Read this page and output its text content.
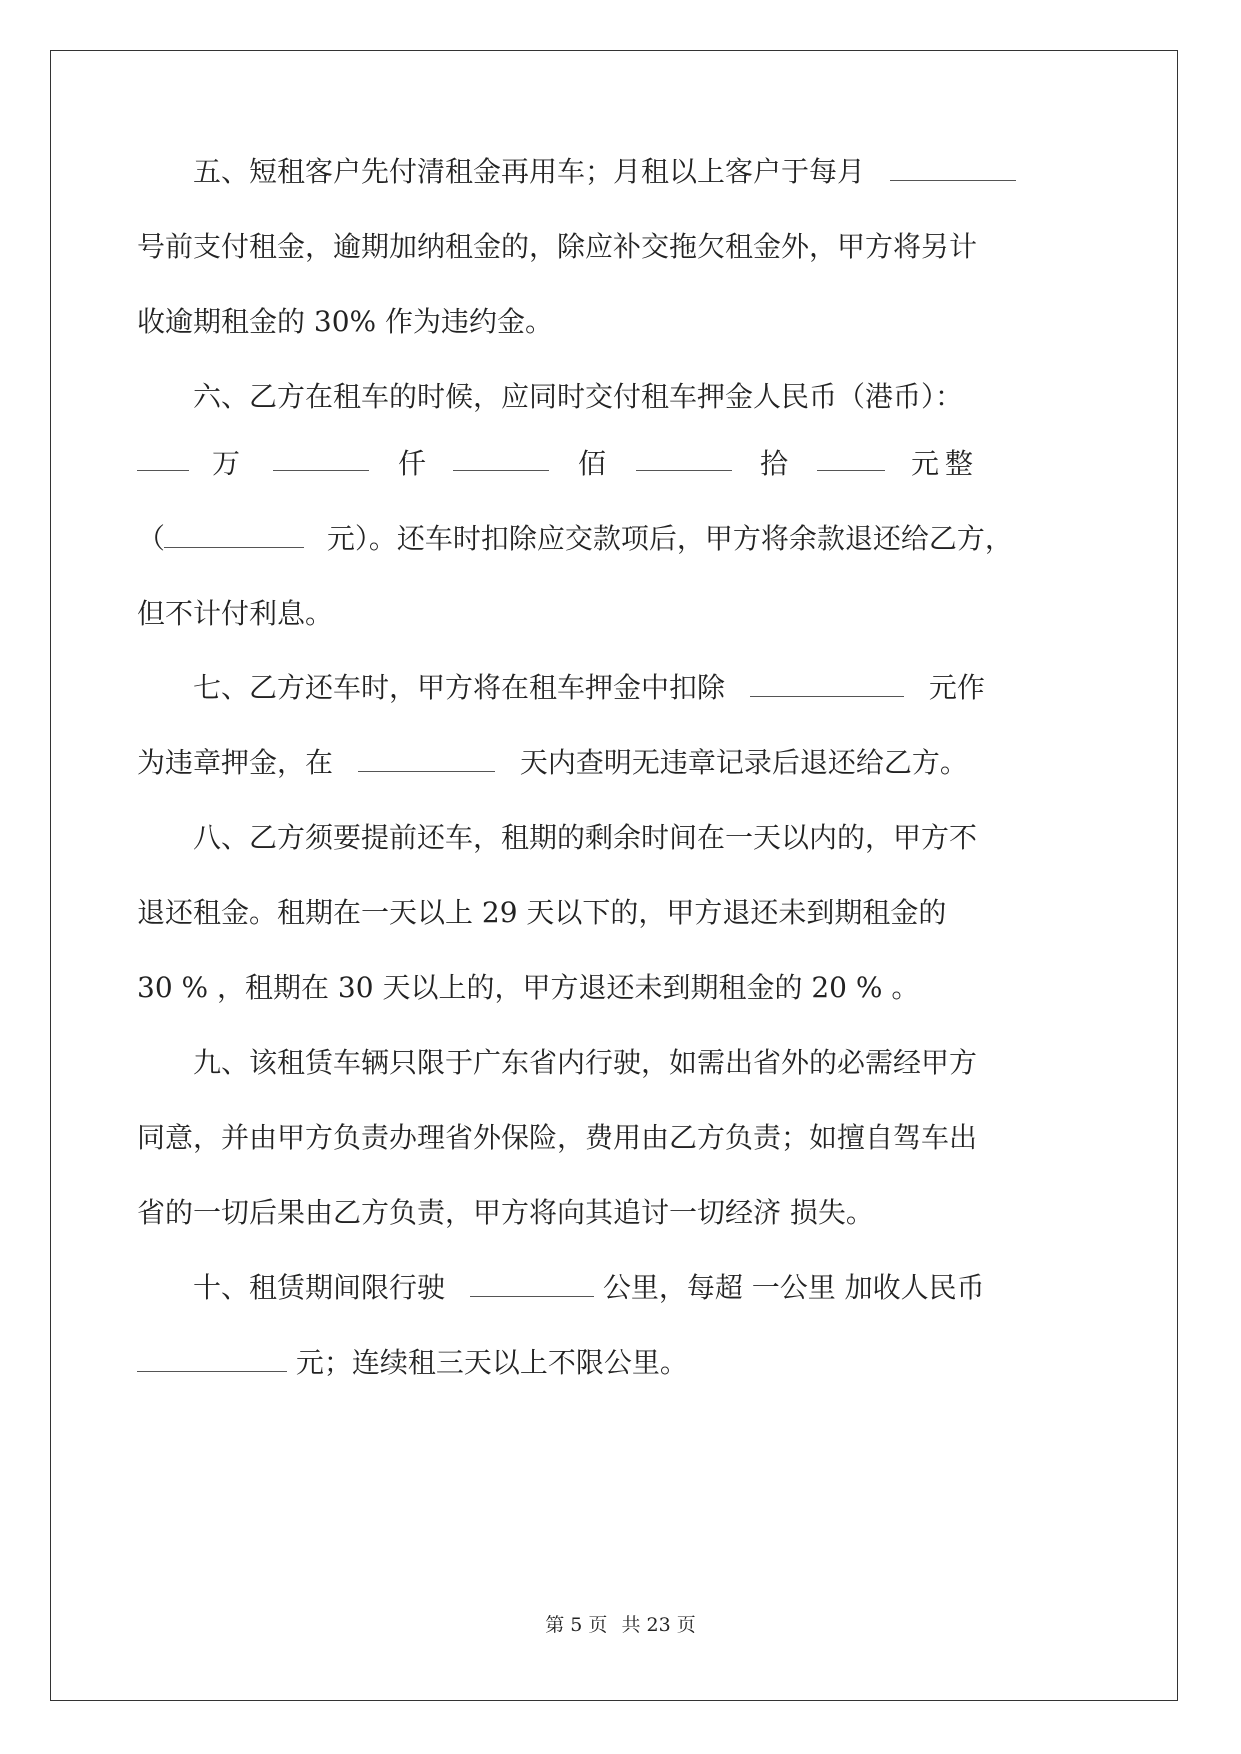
五、短租客户先付清租金再用车；月租以上客户于每月
号前支付租金，逾期加纳租金的，除应补交拖欠租金外，甲方将另计
收逾期租金的 30% 作为违约金。
六、乙方在租车的时候，应同时交付租车押金人民币（港币）：
万	仟	佰	拾	元整
（	元）。还车时扣除应交款项后，甲方将余款退还给乙方，
但不计付利息。
七、乙方还车时，甲方将在租车押金中扣除	元作
为违章押金，在	天内查明无违章记录后退还给乙方。
八、乙方须要提前还车，租期的剩余时间在一天以内的，甲方不
退还租金。租期在一天以上 29 天以下的，甲方退还未到期租金的
30 % ，租期在 30 天以上的，甲方退还未到期租金的 20 % 。
九、该租赁车辆只限于广东省内行驶，如需出省外的必需经甲方
同意，并由甲方负责办理省外保险，费用由乙方负责；如擅自驾车出
省的一切后果由乙方负责，甲方将向其追讨一切经济 损失。
十、租赁期间限行驶	公里，每超 一公里 加收人民币
元；连续租三天以上不限公里。
第 5 页 共 23 页
